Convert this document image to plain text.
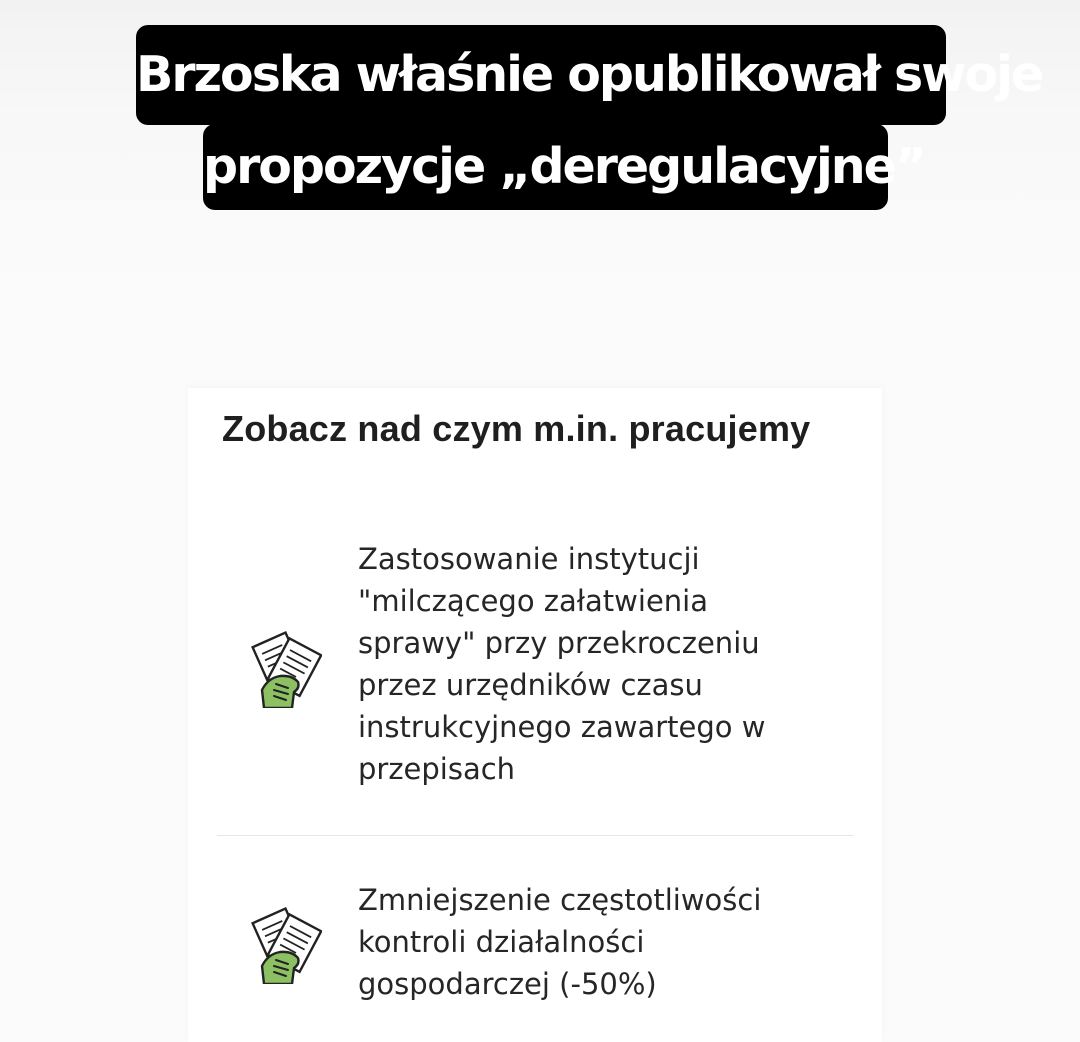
Brzoska właśnie opublikował swoje
propozycje „deregulacyjne”
Zobacz nad czym m.in. pracujemy
Zastosowanie instytucji
"milczącego załatwienia
sprawy" przy przekroczeniu
przez urzędników czasu
instrukcyjnego zawartego w
przepisach
Zmniejszenie częstotliwości
kontroli działalności
gospodarczej (-50%)
